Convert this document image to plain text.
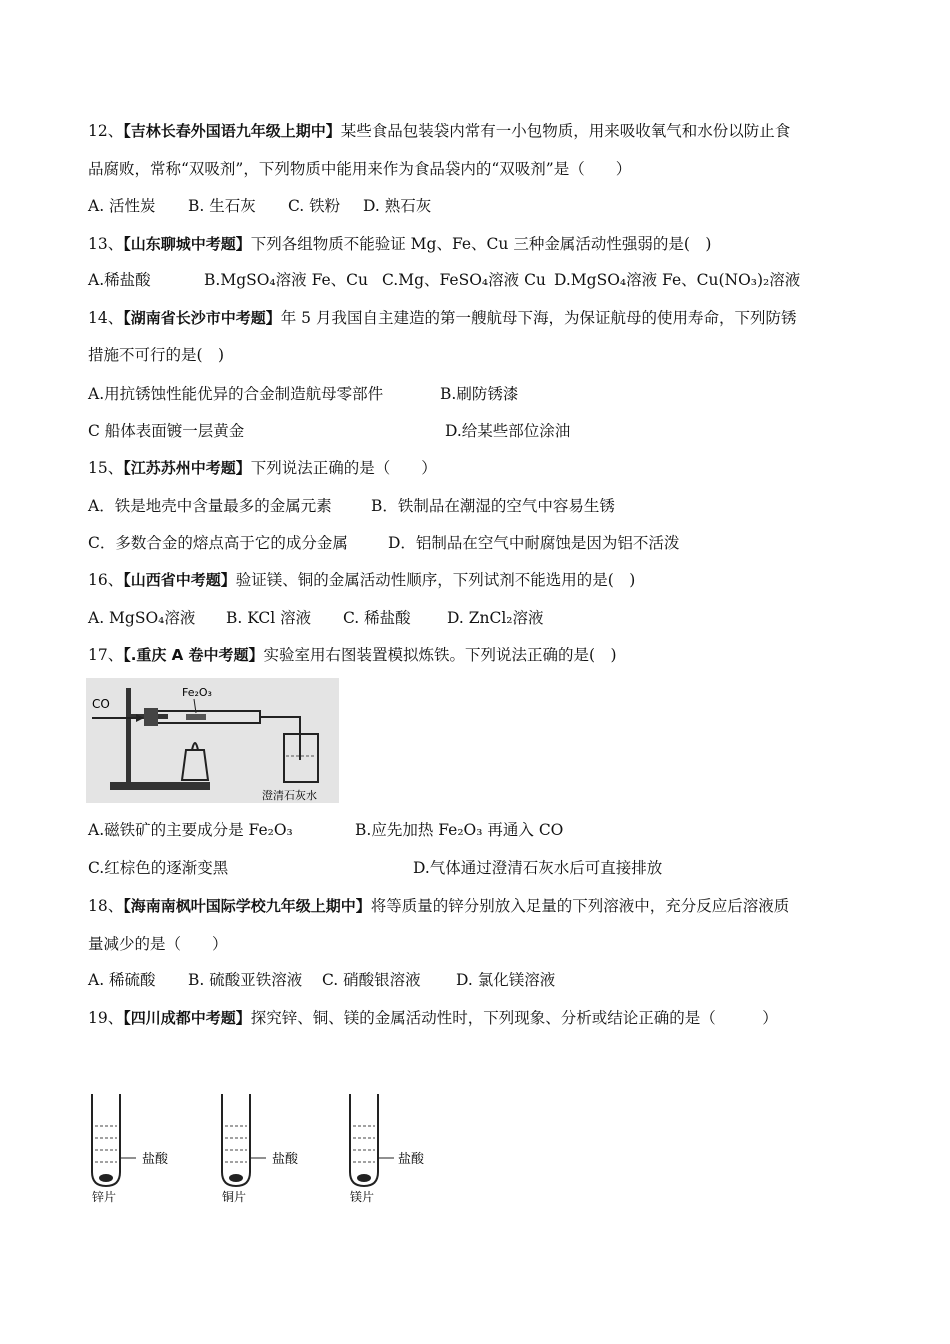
12、【吉林长春外国语九年级上期中】某些食品包装袋内常有一小包物质，用来吸收氧气和水份以防止食
品腐败，常称“双吸剂”，下列物质中能用来作为食品袋内的“双吸剂”是（　　）
A. 活性炭 B. 生石灰 C. 铁粉 D. 熟石灰
13、【山东聊城中考题】下列各组物质不能验证 Mg、Fe、Cu 三种金属活动性强弱的是(　)
A.稀盐酸	B.MgSO₄溶液 Fe、Cu C.Mg、FeSO₄溶液 Cu D.MgSO₄溶液 Fe、Cu(NO₃)₂溶液
14、【湖南省长沙市中考题】年 5 月我国自主建造的第一艘航母下海，为保证航母的使用寿命，下列防锈
措施不可行的是(　)
A.用抗锈蚀性能优异的合金制造航母零部件	B.刷防锈漆
C 船体表面镀一层黄金	D.给某些部位涂油
15、【江苏苏州中考题】下列说法正确的是（　　）
A．铁是地壳中含量最多的金属元素	B．铁制品在潮湿的空气中容易生锈
C．多数合金的熔点高于它的成分金属	D．铝制品在空气中耐腐蚀是因为铝不活泼
16、【山西省中考题】验证镁、铜的金属活动性顺序，下列试剂不能选用的是(　)
A. MgSO₄溶液 B. KCl 溶液 C. 稀盐酸 D. ZnCl₂溶液
17、【.重庆 A 卷中考题】实验室用右图装置模拟炼铁。下列说法正确的是(　)
CO
Fe₂O₃
澄清石灰水
A.磁铁矿的主要成分是 Fe₂O₃	B.应先加热 Fe₂O₃ 再通入 CO
C.红棕色的逐渐变黑	D.气体通过澄清石灰水后可直接排放
18、【海南南枫叶国际学校九年级上期中】将等质量的锌分别放入足量的下列溶液中，充分反应后溶液质
量减少的是（　　）
A. 稀硫酸 B. 硫酸亚铁溶液 C. 硝酸银溶液 D. 氯化镁溶液
19、【四川成都中考题】探究锌、铜、镁的金属活动性时，下列现象、分析或结论正确的是（　　　）
盐酸
锌片
盐酸
铜片
盐酸
镁片
